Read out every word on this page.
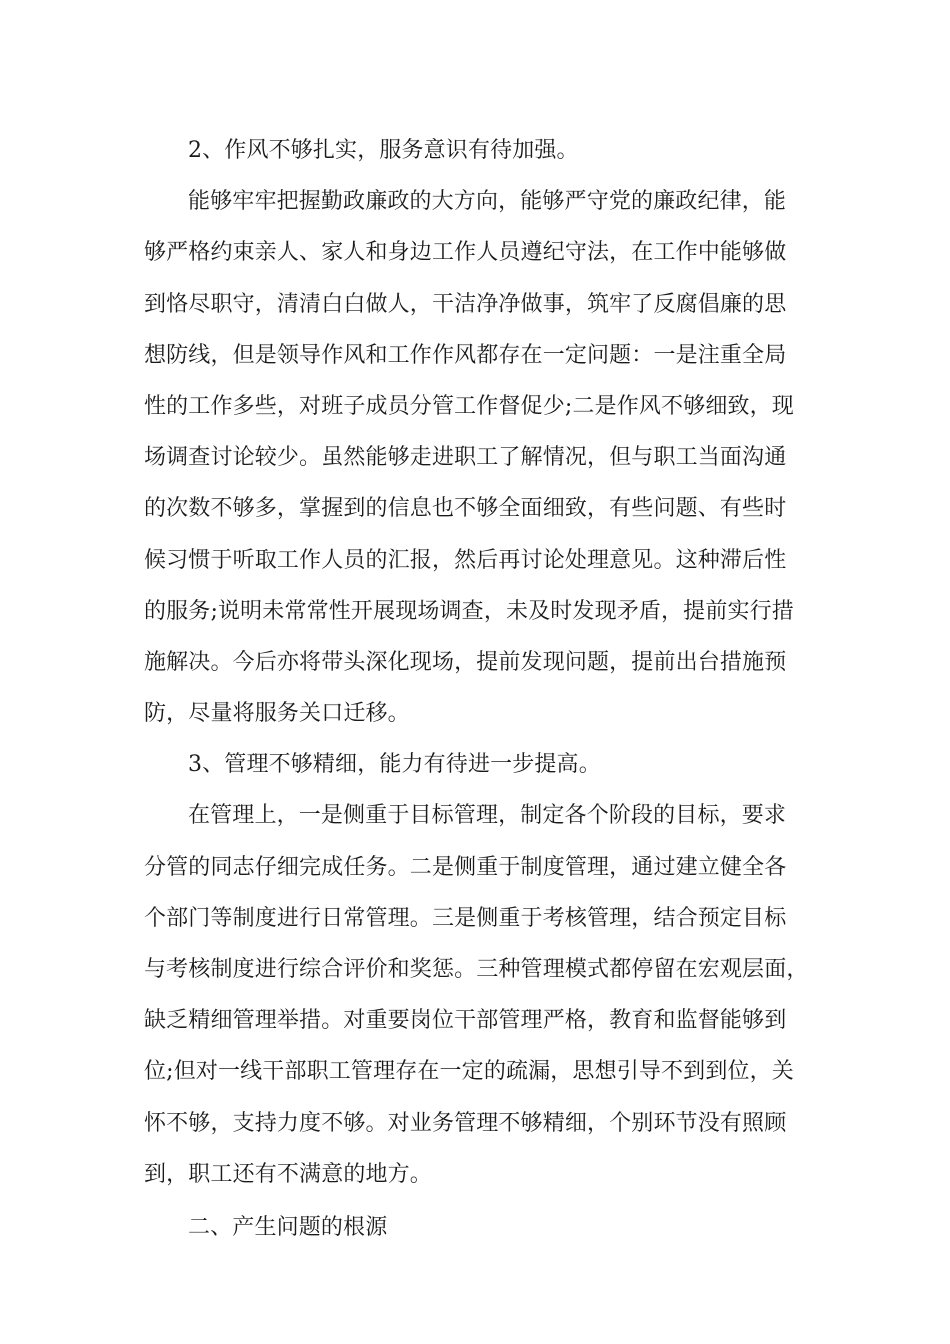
2、作风不够扎实，服务意识有待加强。
能够牢牢把握勤政廉政的大方向，能够严守党的廉政纪律，能
够严格约束亲人、家人和身边工作人员遵纪守法，在工作中能够做
到恪尽职守，清清白白做人，干洁净净做事，筑牢了反腐倡廉的思
想防线，但是领导作风和工作作风都存在一定问题：一是注重全局
性的工作多些，对班子成员分管工作督促少;二是作风不够细致，现
场调查讨论较少。虽然能够走进职工了解情况，但与职工当面沟通
的次数不够多，掌握到的信息也不够全面细致，有些问题、有些时
候习惯于听取工作人员的汇报，然后再讨论处理意见。这种滞后性
的服务;说明未常常性开展现场调查，未及时发现矛盾，提前实行措
施解决。今后亦将带头深化现场，提前发现问题，提前出台措施预
防，尽量将服务关口迁移。
3、管理不够精细，能力有待进一步提高。
在管理上，一是侧重于目标管理，制定各个阶段的目标，要求
分管的同志仔细完成任务。二是侧重于制度管理，通过建立健全各
个部门等制度进行日常管理。三是侧重于考核管理，结合预定目标
与考核制度进行综合评价和奖惩。三种管理模式都停留在宏观层面，
缺乏精细管理举措。对重要岗位干部管理严格，教育和监督能够到
位;但对一线干部职工管理存在一定的疏漏，思想引导不到到位，关
怀不够，支持力度不够。对业务管理不够精细，个别环节没有照顾
到，职工还有不满意的地方。
二、产生问题的根源
